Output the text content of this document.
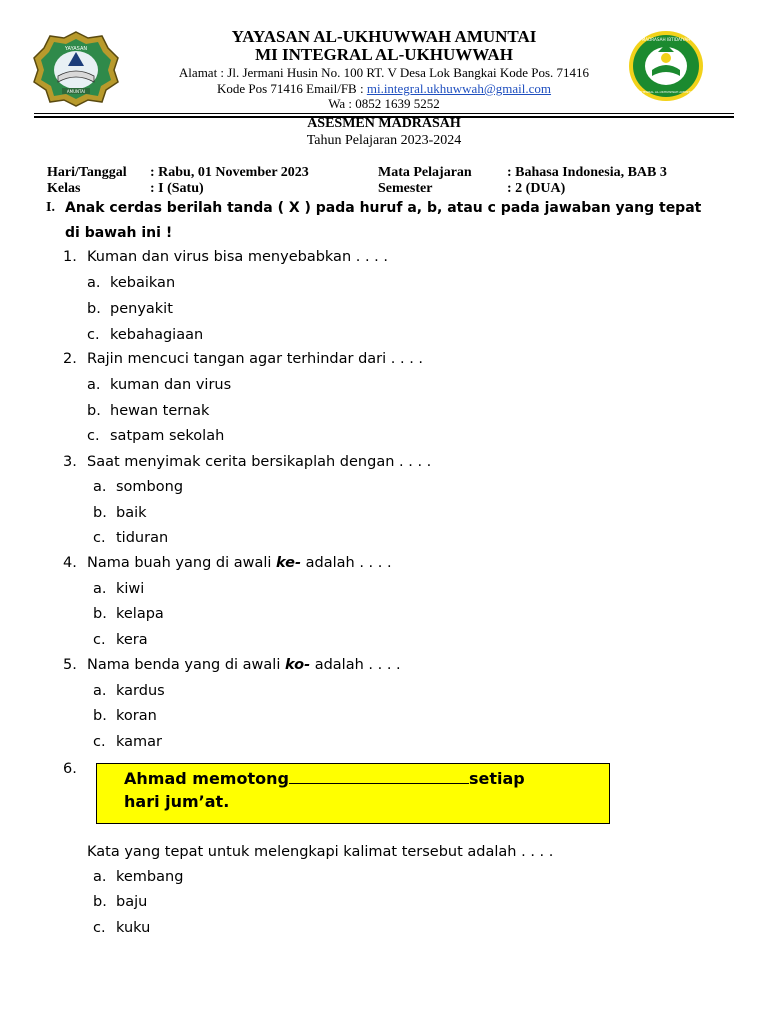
YAYASAN
AMUNTAI
MADRASAH IBTIDAIYAH
INTEGRAL AL-UKHUWWAH AMUNTAI
YAYASAN AL-UKHUWWAH AMUNTAI
MI INTEGRAL AL-UKHUWWAH
Alamat : Jl. Jermani Husin No. 100 RT. V Desa Lok Bangkai Kode Pos. 71416
Kode Pos 71416 Email/FB : mi.integral.ukhuwwah@gmail.com
Wa : 0852 1639 5252
ASESMEN MADRASAH
Tahun Pelajaran 2023-2024
Hari/Tanggal : Rabu, 01 November 2023	Mata Pelajaran	: Bahasa Indonesia, BAB 3
Kelas	: I (Satu)	Semester	: 2 (DUA)
I. Anak cerdas berilah tanda ( X ) pada huruf a, b, atau c pada jawaban yang tepat di bawah ini !
1. Kuman dan virus bisa menyebabkan . . . .
a. kebaikan
b. penyakit
c. kebahagiaan
2. Rajin mencuci tangan agar terhindar dari . . . .
a. kuman dan virus
b. hewan ternak
c. satpam sekolah
3. Saat menyimak cerita bersikaplah dengan . . . .
a. sombong
b. baik
c. tiduran
4. Nama buah yang di awali ke- adalah . . . .
a. kiwi
b. kelapa
c. kera
5. Nama benda yang di awali ko- adalah . . . .
a. kardus
b. koran
c. kamar
6.	Ahmad memotong	setiap
hari jum’at.
Kata yang tepat untuk melengkapi kalimat tersebut adalah . . . .
a. kembang
b. baju
c. kuku
